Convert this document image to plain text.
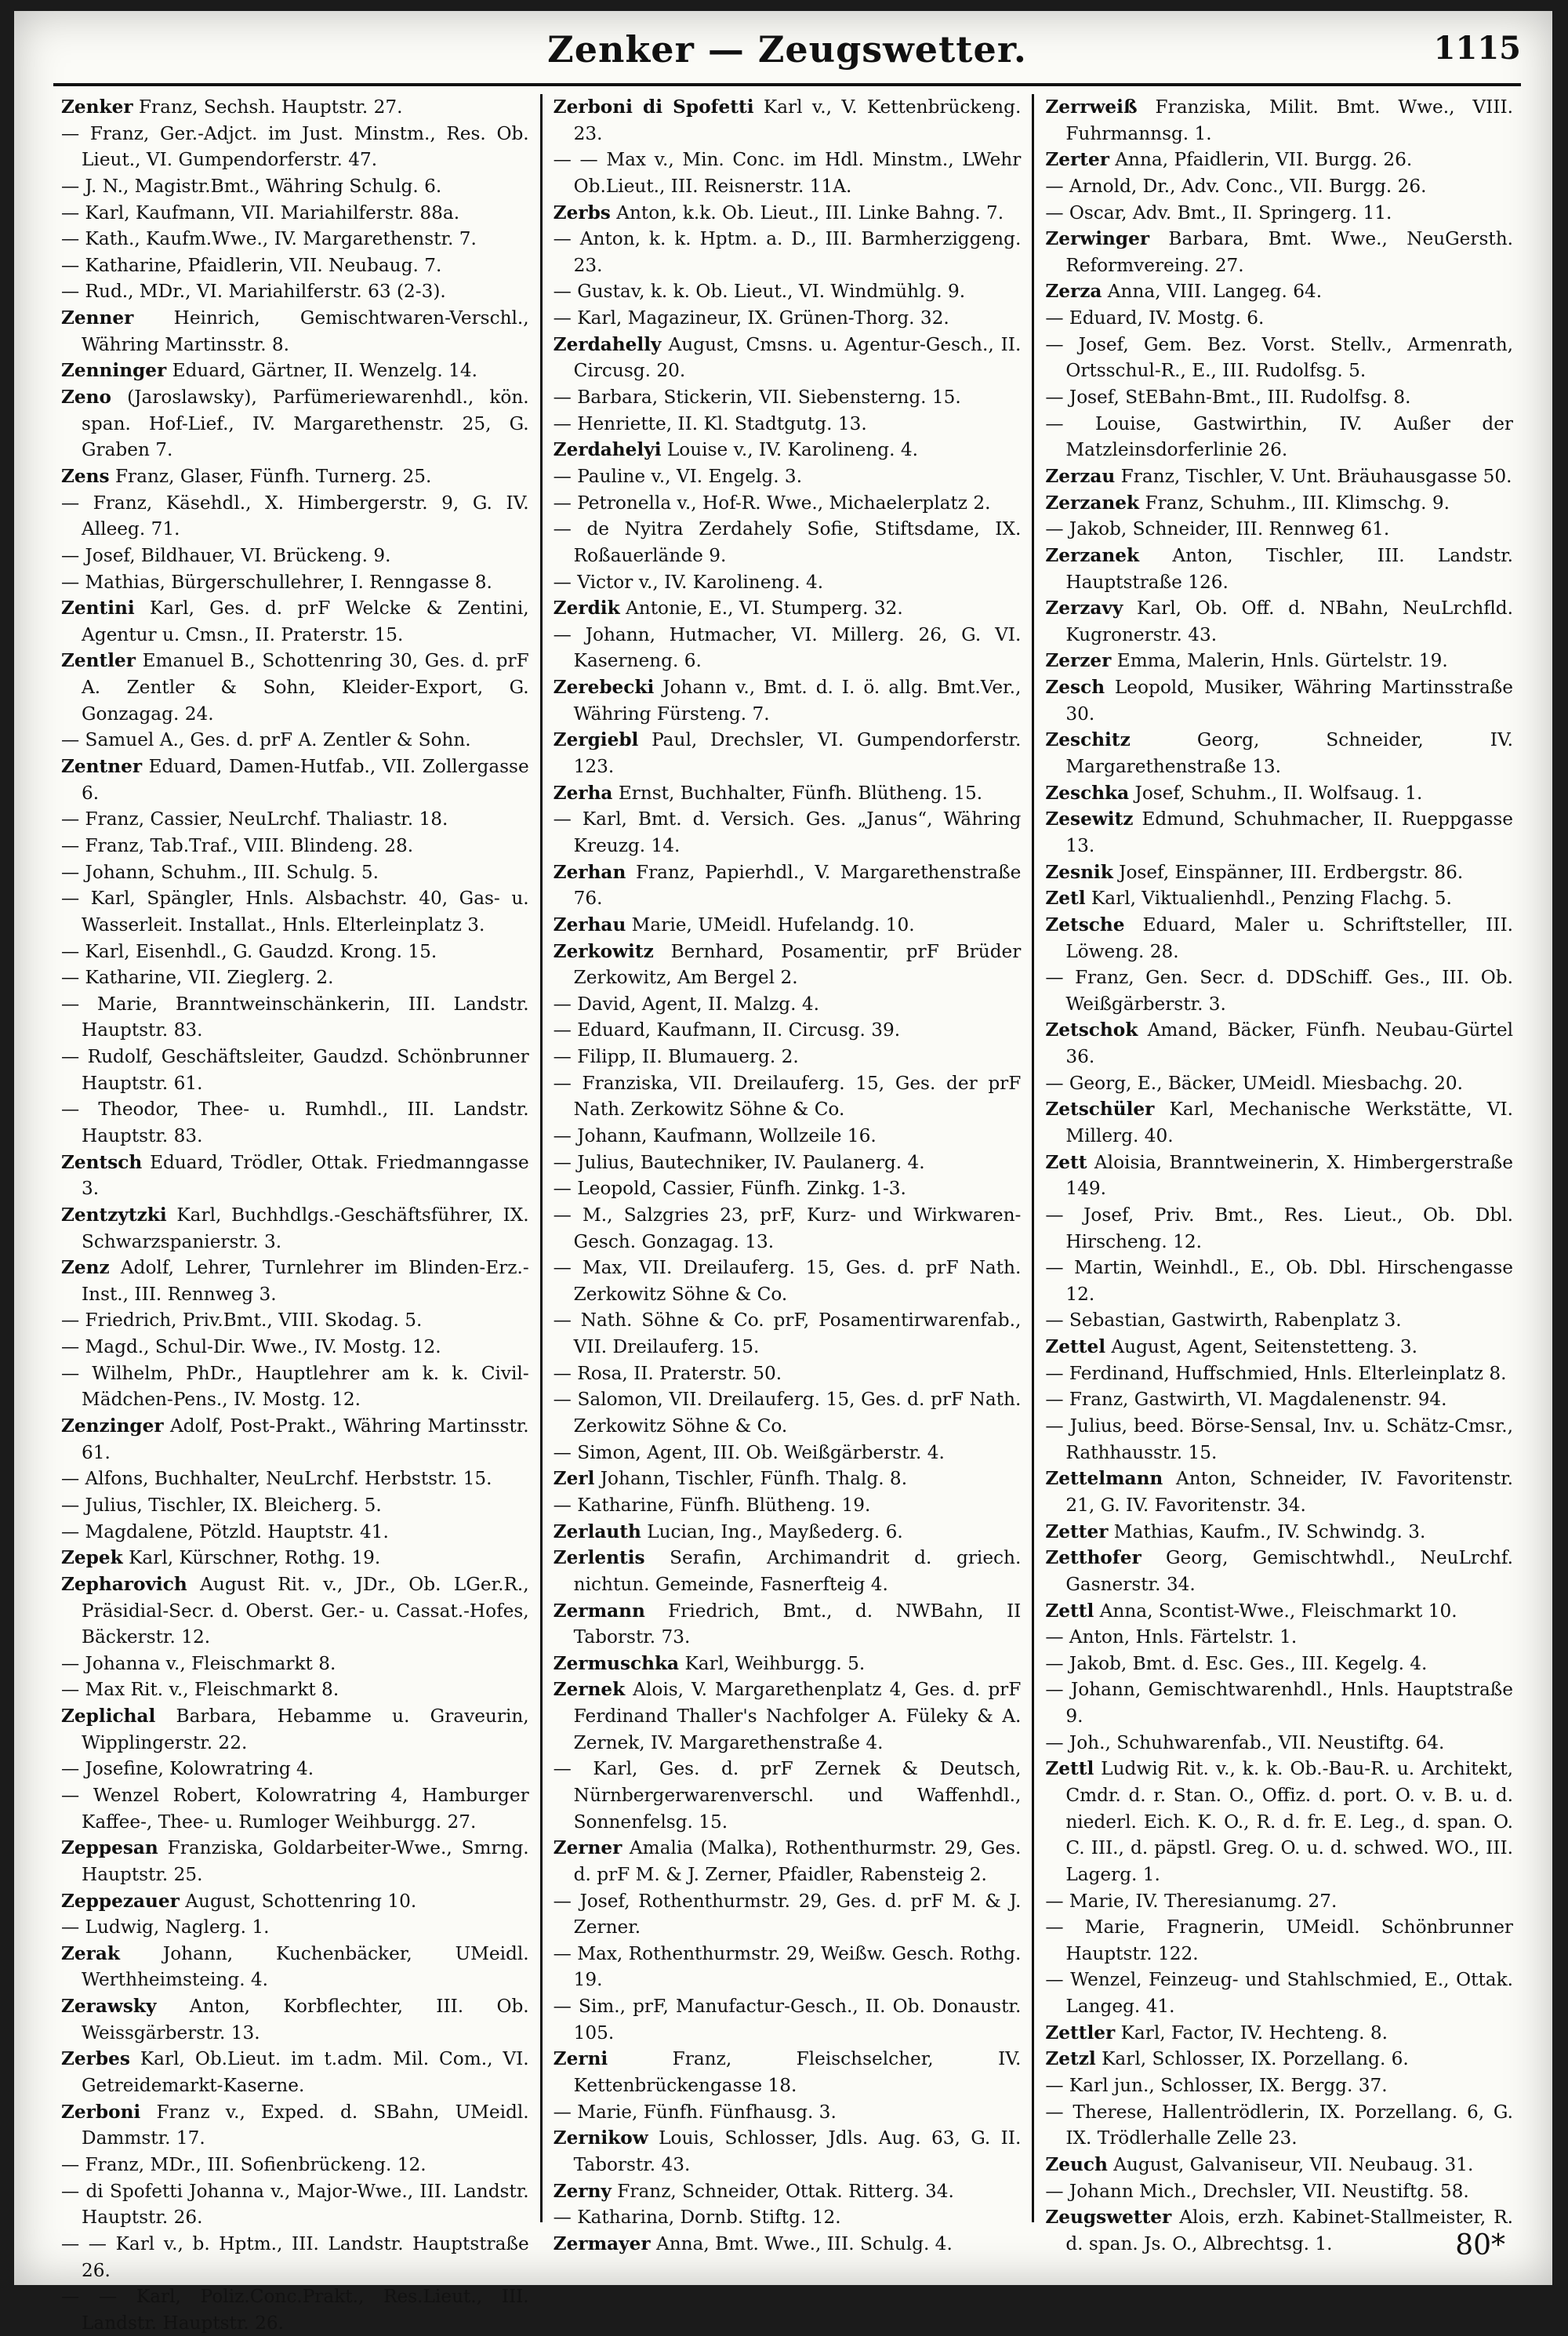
Zenker — Zeugswetter.	1115

Zenker Franz, Sechsh. Hauptstr. 27.

— Franz, Ger.-Adjct. im Just. Minstm., Res. Ob. Lieut., VI. Gumpendorferstr. 47.

— J. N., Magistr.Bmt., Währing Schulg. 6.

— Karl, Kaufmann, VII. Mariahilferstr. 88a.

— Kath., Kaufm.Wwe., IV. Margarethenstr. 7.

— Katharine, Pfaidlerin, VII. Neubaug. 7.

— Rud., MDr., VI. Mariahilferstr. 63 (2-3).

Zenner Heinrich, Gemischtwaren-Verschl., Währing Martinsstr. 8.

Zenninger Eduard, Gärtner, II. Wenzelg. 14.

Zeno (Jaroslawsky), Parfümeriewarenhdl., kön. span. Hof-Lief., IV. Margarethenstr. 25, G. Graben 7.

Zens Franz, Glaser, Fünfh. Turnerg. 25.

— Franz, Käsehdl., X. Himbergerstr. 9, G. IV. Alleeg. 71.

— Josef, Bildhauer, VI. Brückeng. 9.

— Mathias, Bürgerschullehrer, I. Renngasse 8.

Zentini Karl, Ges. d. prF Welcke & Zentini, Agentur u. Cmsn., II. Praterstr. 15.

Zentler Emanuel B., Schottenring 30, Ges. d. prF A. Zentler & Sohn, Kleider-Export, G. Gonzagag. 24.

— Samuel A., Ges. d. prF A. Zentler & Sohn.

Zentner Eduard, Damen-Hutfab., VII. Zollergasse 6.

— Franz, Cassier, NeuLrchf. Thaliastr. 18.

— Franz, Tab.Traf., VIII. Blindeng. 28.

— Johann, Schuhm., III. Schulg. 5.

— Karl, Spängler, Hnls. Alsbachstr. 40, Gas- u. Wasserleit. Installat., Hnls. Elterleinplatz 3.

— Karl, Eisenhdl., G. Gaudzd. Krong. 15.

— Katharine, VII. Zieglerg. 2.

— Marie, Branntweinschänkerin, III. Landstr. Hauptstr. 83.

— Rudolf, Geschäftsleiter, Gaudzd. Schönbrunner Hauptstr. 61.

— Theodor, Thee- u. Rumhdl., III. Landstr. Hauptstr. 83.

Zentsch Eduard, Trödler, Ottak. Friedmanngasse 3.

Zentzytzki Karl, Buchhdlgs.-Geschäftsführer, IX. Schwarzspanierstr. 3.

Zenz Adolf, Lehrer, Turnlehrer im Blinden-Erz.-Inst., III. Rennweg 3.

— Friedrich, Priv.Bmt., VIII. Skodag. 5.

— Magd., Schul-Dir. Wwe., IV. Mostg. 12.

— Wilhelm, PhDr., Hauptlehrer am k. k. Civil-Mädchen-Pens., IV. Mostg. 12.

Zenzinger Adolf, Post-Prakt., Währing Martinsstr. 61.

— Alfons, Buchhalter, NeuLrchf. Herbststr. 15.

— Julius, Tischler, IX. Bleicherg. 5.

— Magdalene, Pötzld. Hauptstr. 41.

Zepek Karl, Kürschner, Rothg. 19.

Zepharovich August Rit. v., JDr., Ob. LGer.R., Präsidial-Secr. d. Oberst. Ger.- u. Cassat.-Hofes, Bäckerstr. 12.

— Johanna v., Fleischmarkt 8.

— Max Rit. v., Fleischmarkt 8.

Zeplichal Barbara, Hebamme u. Graveurin, Wipplingerstr. 22.

— Josefine, Kolowratring 4.

— Wenzel Robert, Kolowratring 4, Hamburger Kaffee-, Thee- u. Rumloger Weihburgg. 27.

Zeppesan Franziska, Goldarbeiter-Wwe., Smrng. Hauptstr. 25.

Zeppezauer August, Schottenring 10.

— Ludwig, Naglerg. 1.

Zerak Johann, Kuchenbäcker, UMeidl. Werthheimsteing. 4.

Zerawsky Anton, Korbflechter, III. Ob. Weissgärberstr. 13.

Zerbes Karl, Ob.Lieut. im t.adm. Mil. Com., VI. Getreidemarkt-Kaserne.

Zerboni Franz v., Exped. d. SBahn, UMeidl. Dammstr. 17.

— Franz, MDr., III. Sofienbrückeng. 12.

— di Spofetti Johanna v., Major-Wwe., III. Landstr. Hauptstr. 26.

— — Karl v., b. Hptm., III. Landstr. Hauptstraße 26.

— — Karl, Poliz.Conc.Prakt., Res.Lieut., III. Landstr. Hauptstr. 26.

Zerboni di Spofetti Karl v., V. Kettenbrückeng. 23.

— — Max v., Min. Conc. im Hdl. Minstm., LWehr Ob.Lieut., III. Reisnerstr. 11A.

Zerbs Anton, k.k. Ob. Lieut., III. Linke Bahng. 7.

— Anton, k. k. Hptm. a. D., III. Barmherziggeng. 23.

— Gustav, k. k. Ob. Lieut., VI. Windmühlg. 9.

— Karl, Magazineur, IX. Grünen-Thorg. 32.

Zerdahelly August, Cmsns. u. Agentur-Gesch., II. Circusg. 20.

— Barbara, Stickerin, VII. Siebensterng. 15.

— Henriette, II. Kl. Stadtgutg. 13.

Zerdahelyi Louise v., IV. Karolineng. 4.

— Pauline v., VI. Engelg. 3.

— Petronella v., Hof-R. Wwe., Michaelerplatz 2.

— de Nyitra Zerdahely Sofie, Stiftsdame, IX. Roßauerlände 9.

— Victor v., IV. Karolineng. 4.

Zerdik Antonie, E., VI. Stumperg. 32.

— Johann, Hutmacher, VI. Millerg. 26, G. VI. Kaserneng. 6.

Zerebecki Johann v., Bmt. d. I. ö. allg. Bmt.Ver., Währing Fürsteng. 7.

Zergiebl Paul, Drechsler, VI. Gumpendorferstr. 123.

Zerha Ernst, Buchhalter, Fünfh. Blütheng. 15.

— Karl, Bmt. d. Versich. Ges. „Janus“, Währing Kreuzg. 14.

Zerhan Franz, Papierhdl., V. Margarethenstraße 76.

Zerhau Marie, UMeidl. Hufelandg. 10.

Zerkowitz Bernhard, Posamentir, prF Brüder Zerkowitz, Am Bergel 2.

— David, Agent, II. Malzg. 4.

— Eduard, Kaufmann, II. Circusg. 39.

— Filipp, II. Blumauerg. 2.

— Franziska, VII. Dreilauferg. 15, Ges. der prF Nath. Zerkowitz Söhne & Co.

— Johann, Kaufmann, Wollzeile 16.

— Julius, Bautechniker, IV. Paulanerg. 4.

— Leopold, Cassier, Fünfh. Zinkg. 1-3.

— M., Salzgries 23, prF, Kurz- und Wirkwaren-Gesch. Gonzagag. 13.

— Max, VII. Dreilauferg. 15, Ges. d. prF Nath. Zerkowitz Söhne & Co.

— Nath. Söhne & Co. prF, Posamentirwarenfab., VII. Dreilauferg. 15.

— Rosa, II. Praterstr. 50.

— Salomon, VII. Dreilauferg. 15, Ges. d. prF Nath. Zerkowitz Söhne & Co.

— Simon, Agent, III. Ob. Weißgärberstr. 4.

Zerl Johann, Tischler, Fünfh. Thalg. 8.

— Katharine, Fünfh. Blütheng. 19.

Zerlauth Lucian, Ing., Mayßederg. 6.

Zerlentis Serafin, Archimandrit d. griech. nichtun. Gemeinde, Fasnerfteig 4.

Zermann Friedrich, Bmt., d. NWBahn, II Taborstr. 73.

Zermuschka Karl, Weihburgg. 5.

Zernek Alois, V. Margarethenplatz 4, Ges. d. prF Ferdinand Thaller's Nachfolger A. Füleky & A. Zernek, IV. Margarethenstraße 4.

— Karl, Ges. d. prF Zernek & Deutsch, Nürnbergerwarenverschl. und Waffenhdl., Sonnenfelsg. 15.

Zerner Amalia (Malka), Rothenthurmstr. 29, Ges. d. prF M. & J. Zerner, Pfaidler, Rabensteig 2.

— Josef, Rothenthurmstr. 29, Ges. d. prF M. & J. Zerner.

— Max, Rothenthurmstr. 29, Weißw. Gesch. Rothg. 19.

— Sim., prF, Manufactur-Gesch., II. Ob. Donaustr. 105.

Zerni Franz, Fleischselcher, IV. Kettenbrückengasse 18.

— Marie, Fünfh. Fünfhausg. 3.

Zernikow Louis, Schlosser, Jdls. Aug. 63, G. II. Taborstr. 43.

Zerny Franz, Schneider, Ottak. Ritterg. 34.

— Katharina, Dornb. Stiftg. 12.

Zermayer Anna, Bmt. Wwe., III. Schulg. 4.

Zerrweiß Franziska, Milit. Bmt. Wwe., VIII. Fuhrmannsg. 1.

Zerter Anna, Pfaidlerin, VII. Burgg. 26.

— Arnold, Dr., Adv. Conc., VII. Burgg. 26.

— Oscar, Adv. Bmt., II. Springerg. 11.

Zerwinger Barbara, Bmt. Wwe., NeuGersth. Reformvereing. 27.

Zerza Anna, VIII. Langeg. 64.

— Eduard, IV. Mostg. 6.

— Josef, Gem. Bez. Vorst. Stellv., Armenrath, Ortsschul-R., E., III. Rudolfsg. 5.

— Josef, StEBahn-Bmt., III. Rudolfsg. 8.

— Louise, Gastwirthin, IV. Außer der Matzleinsdorferlinie 26.

Zerzau Franz, Tischler, V. Unt. Bräuhausgasse 50.

Zerzanek Franz, Schuhm., III. Klimschg. 9.

— Jakob, Schneider, III. Rennweg 61.

Zerzanek Anton, Tischler, III. Landstr. Hauptstraße 126.

Zerzavy Karl, Ob. Off. d. NBahn, NeuLrchfld. Kugronerstr. 43.

Zerzer Emma, Malerin, Hnls. Gürtelstr. 19.

Zesch Leopold, Musiker, Währing Martinsstraße 30.

Zeschitz Georg, Schneider, IV. Margarethenstraße 13.

Zeschka Josef, Schuhm., II. Wolfsaug. 1.

Zesewitz Edmund, Schuhmacher, II. Rueppgasse 13.

Zesnik Josef, Einspänner, III. Erdbergstr. 86.

Zetl Karl, Viktualienhdl., Penzing Flachg. 5.

Zetsche Eduard, Maler u. Schriftsteller, III. Löweng. 28.

— Franz, Gen. Secr. d. DDSchiff. Ges., III. Ob. Weißgärberstr. 3.

Zetschok Amand, Bäcker, Fünfh. Neubau-Gürtel 36.

— Georg, E., Bäcker, UMeidl. Miesbachg. 20.

Zetschüler Karl, Mechanische Werkstätte, VI. Millerg. 40.

Zett Aloisia, Branntweinerin, X. Himbergerstraße 149.

— Josef, Priv. Bmt., Res. Lieut., Ob. Dbl. Hirscheng. 12.

— Martin, Weinhdl., E., Ob. Dbl. Hirschengasse 12.

— Sebastian, Gastwirth, Rabenplatz 3.

Zettel August, Agent, Seitenstetteng. 3.

— Ferdinand, Huffschmied, Hnls. Elterleinplatz 8.

— Franz, Gastwirth, VI. Magdalenenstr. 94.

— Julius, beed. Börse-Sensal, Inv. u. Schätz-Cmsr., Rathhausstr. 15.

Zettelmann Anton, Schneider, IV. Favoritenstr. 21, G. IV. Favoritenstr. 34.

Zetter Mathias, Kaufm., IV. Schwindg. 3.

Zetthofer Georg, Gemischtwhdl., NeuLrchf. Gasnerstr. 34.

Zettl Anna, Scontist-Wwe., Fleischmarkt 10.

— Anton, Hnls. Färtelstr. 1.

— Jakob, Bmt. d. Esc. Ges., III. Kegelg. 4.

— Johann, Gemischtwarenhdl., Hnls. Hauptstraße 9.

— Joh., Schuhwarenfab., VII. Neustiftg. 64.

Zettl Ludwig Rit. v., k. k. Ob.-Bau-R. u. Architekt, Cmdr. d. r. Stan. O., Offiz. d. port. O. v. B. u. d. niederl. Eich. K. O., R. d. fr. E. Leg., d. span. O. C. III., d. päpstl. Greg. O. u. d. schwed. WO., III. Lagerg. 1.

— Marie, IV. Theresianumg. 27.

— Marie, Fragnerin, UMeidl. Schönbrunner Hauptstr. 122.

— Wenzel, Feinzeug- und Stahlschmied, E., Ottak. Langeg. 41.

Zettler Karl, Factor, IV. Hechteng. 8.

Zetzl Karl, Schlosser, IX. Porzellang. 6.

— Karl jun., Schlosser, IX. Bergg. 37.

— Therese, Hallentrödlerin, IX. Porzellang. 6, G. IX. Trödlerhalle Zelle 23.

Zeuch August, Galvaniseur, VII. Neubaug. 31.

— Johann Mich., Drechsler, VII. Neustiftg. 58.

Zeugswetter Alois, erzh. Kabinet-Stallmeister, R. d. span. Js. O., Albrechtsg. 1.	80*
